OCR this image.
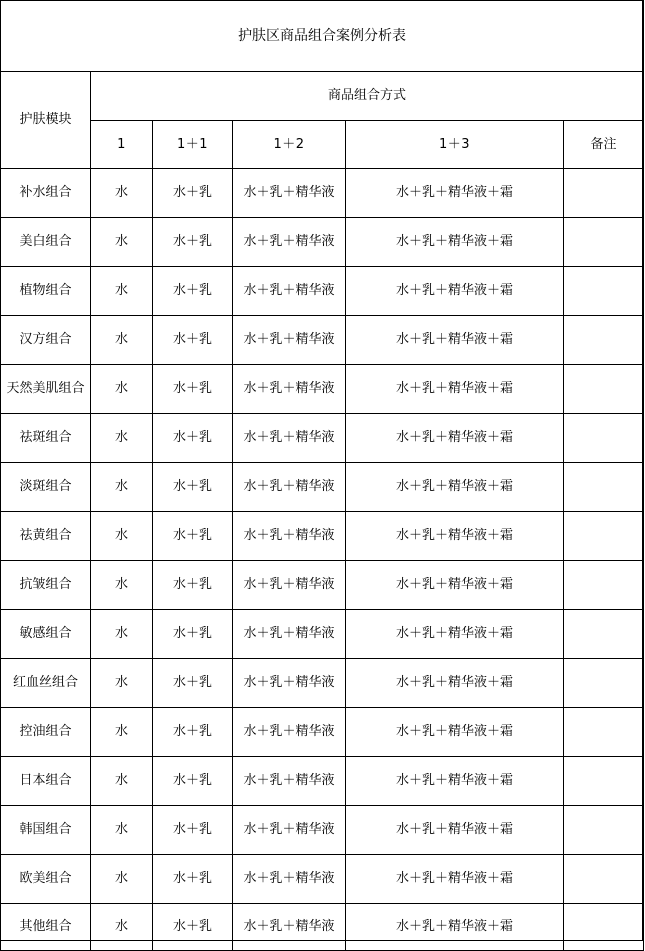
护肤区商品组合案例分析表					
护肤模块	商品组合方式				
	1	1＋1	1＋2	1＋3	备注
补水组合	水	水＋乳	水＋乳＋精华液	水＋乳＋精华液＋霜	
美白组合	水	水＋乳	水＋乳＋精华液	水＋乳＋精华液＋霜	
植物组合	水	水＋乳	水＋乳＋精华液	水＋乳＋精华液＋霜	
汉方组合	水	水＋乳	水＋乳＋精华液	水＋乳＋精华液＋霜	
天然美肌组合	水	水＋乳	水＋乳＋精华液	水＋乳＋精华液＋霜	
祛斑组合	水	水＋乳	水＋乳＋精华液	水＋乳＋精华液＋霜	
淡斑组合	水	水＋乳	水＋乳＋精华液	水＋乳＋精华液＋霜	
祛黄组合	水	水＋乳	水＋乳＋精华液	水＋乳＋精华液＋霜	
抗皱组合	水	水＋乳	水＋乳＋精华液	水＋乳＋精华液＋霜	
敏感组合	水	水＋乳	水＋乳＋精华液	水＋乳＋精华液＋霜	
红血丝组合	水	水＋乳	水＋乳＋精华液	水＋乳＋精华液＋霜	
控油组合	水	水＋乳	水＋乳＋精华液	水＋乳＋精华液＋霜	
日本组合	水	水＋乳	水＋乳＋精华液	水＋乳＋精华液＋霜	
韩国组合	水	水＋乳	水＋乳＋精华液	水＋乳＋精华液＋霜	
欧美组合	水	水＋乳	水＋乳＋精华液	水＋乳＋精华液＋霜	
其他组合	水	水＋乳	水＋乳＋精华液	水＋乳＋精华液＋霜	
